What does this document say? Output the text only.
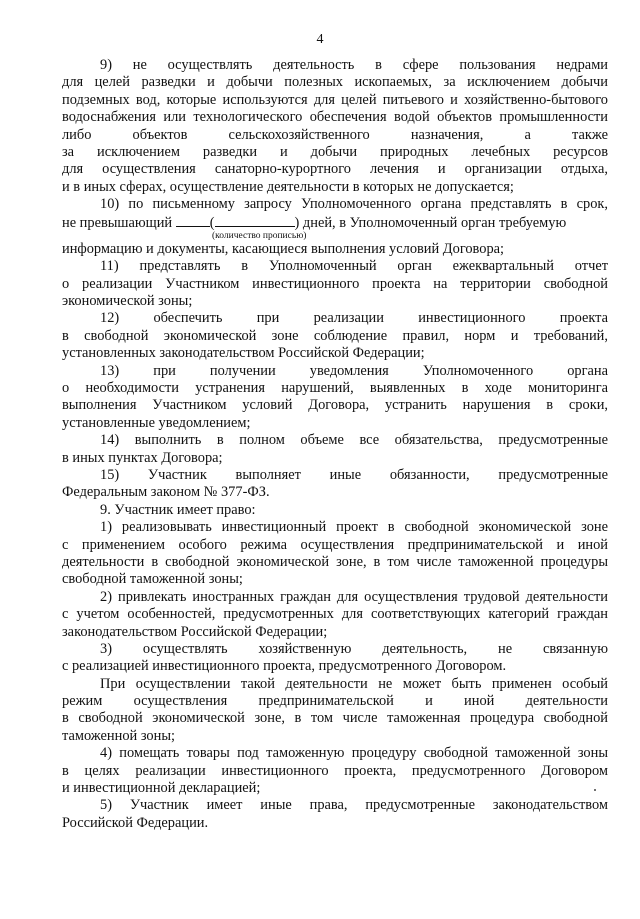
4
9) не осуществлять деятельность в сфере пользования недрами
для целей разведки и добычи полезных ископаемых, за исключением добычи
подземных вод, которые используются для целей питьевого и хозяйственно-бытового
водоснабжения или технологического обеспечения водой объектов промышленности
либо объектов сельскохозяйственного назначения, а также
за исключением разведки и добычи природных лечебных ресурсов
для осуществления санаторно-курортного лечения и организации отдыха,
и в иных сферах, осуществление деятельности в которых не допускается;
10) по письменному запросу Уполномоченного органа представлять в срок,
не превышающий (	) дней, в Уполномоченный орган требуемую
(количество прописью)
информацию и документы, касающиеся выполнения условий Договора;
11) представлять в Уполномоченный орган ежеквартальный отчет
о реализации Участником инвестиционного проекта на территории свободной
экономической зоны;
12) обеспечить при реализации инвестиционного проекта
в свободной экономической зоне соблюдение правил, норм и требований,
установленных законодательством Российской Федерации;
13) при получении уведомления Уполномоченного органа
о необходимости устранения нарушений, выявленных в ходе мониторинга
выполнения Участником условий Договора, устранить нарушения в сроки,
установленные уведомлением;
14) выполнить в полном объеме все обязательства, предусмотренные
в иных пунктах Договора;
15) Участник выполняет иные обязанности, предусмотренные
Федеральным законом № 377-ФЗ.
9. Участник имеет право:
1) реализовывать инвестиционный проект в свободной экономической зоне
с применением особого режима осуществления предпринимательской и иной
деятельности в свободной экономической зоне, в том числе таможенной процедуры
свободной таможенной зоны;
2) привлекать иностранных граждан для осуществления трудовой деятельности
с учетом особенностей, предусмотренных для соответствующих категорий граждан
законодательством Российской Федерации;
3) осуществлять хозяйственную деятельность, не связанную
с реализацией инвестиционного проекта, предусмотренного Договором.
При осуществлении такой деятельности не может быть применен особый
режим осуществления предпринимательской и иной деятельности
в свободной экономической зоне, в том числе таможенная процедура свободной
таможенной зоны;
4) помещать товары под таможенную процедуру свободной таможенной зоны
в целях реализации инвестиционного проекта, предусмотренного Договором
и инвестиционной декларацией;
5) Участник имеет иные права, предусмотренные законодательством
Российской Федерации.
